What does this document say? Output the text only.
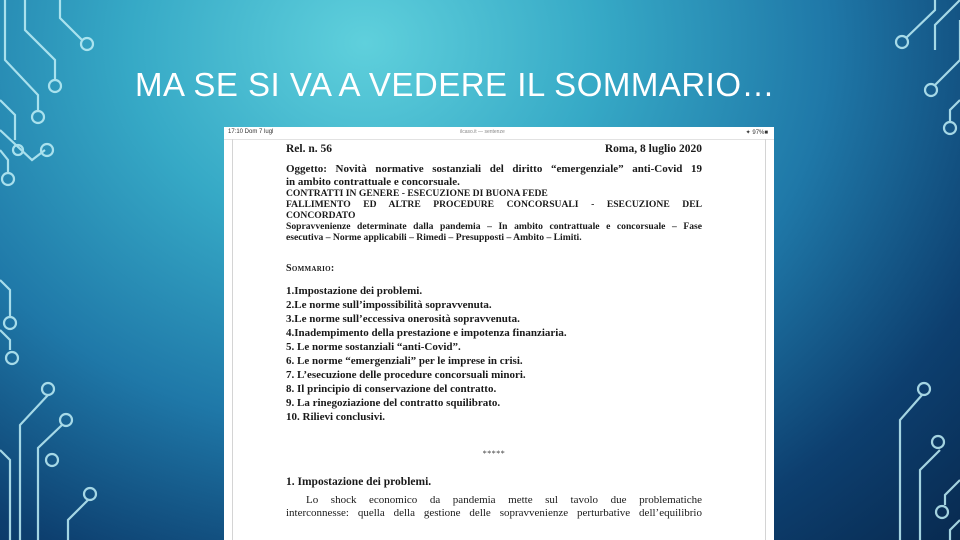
MA SE SI VA A VEDERE IL SOMMARIO…
17:10 Dom 7 lugl	ilcaso.it — sentenze	✦ 97%■
Rel. n. 56	Roma, 8 luglio 2020
Oggetto: Novità normative sostanziali del diritto “emergenziale” anti-Covid 19
in ambito contrattuale e concorsuale.
CONTRATTI IN GENERE - ESECUZIONE DI BUONA FEDE
FALLIMENTO ED ALTRE PROCEDURE CONCORSUALI - ESECUZIONE DEL
CONCORDATO
Sopravvenienze determinate dalla pandemia – In ambito contrattuale e concorsuale – Fase
esecutiva – Norme applicabili – Rimedi – Presupposti – Ambito – Limiti.
Sommario:
1.Impostazione dei problemi.
2.Le norme sull’impossibilità sopravvenuta.
3.Le norme sull’eccessiva onerosità sopravvenuta.
4.Inadempimento della prestazione e impotenza finanziaria.
5. Le norme sostanziali “anti-Covid”.
6. Le norme “emergenziali” per le imprese in crisi.
7. L’esecuzione delle procedure concorsuali minori.
8. Il principio di conservazione del contratto.
9. La rinegoziazione del contratto squilibrato.
10. Rilievi conclusivi.
*****
1. Impostazione dei problemi.
Lo shock economico da pandemia mette sul tavolo due problematiche
interconnesse: quella della gestione delle sopravvenienze perturbative dell’equilibrio
